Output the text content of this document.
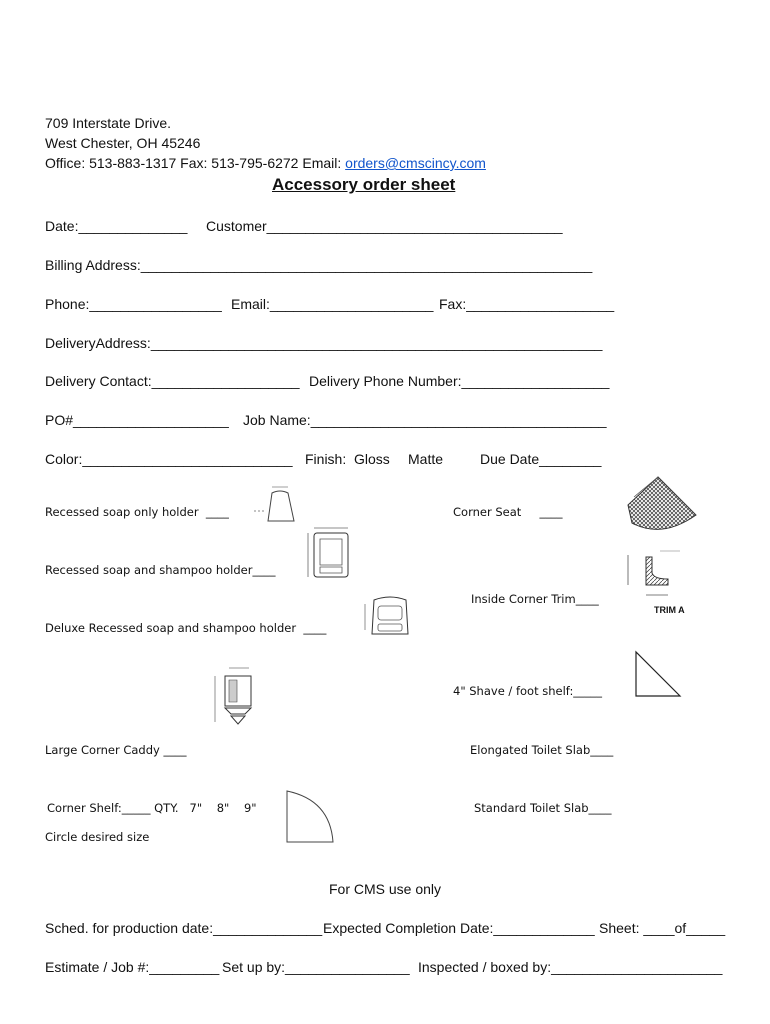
709 Interstate Drive.
West Chester, OH 45246
Office: 513-883-1317 Fax: 513-795-6272 Email: orders@cmscincy.com
Accessory order sheet
Date:______________ Customer______________________________________
Billing Address:__________________________________________________________
Phone:_________________ Email:_____________________ Fax:___________________
DeliveryAddress:__________________________________________________________
Delivery Contact:___________________ Delivery Phone Number:___________________
PO#____________________ Job Name:______________________________________
Color:___________________________ Finish:  Gloss Matte	Due Date________
Recessed soap only holder  ____	Corner Seat     ____
Recessed soap and shampoo holder____
Inside Corner Trim____
Deluxe Recessed soap and shampoo holder  ____
4" Shave / foot shelf:_____
Large Corner Caddy ____	Elongated Toilet Slab____
Corner Shelf:_____ QTY.   7"    8"    9"	Standard Toilet Slab____
Circle desired size
For CMS use only
Sched. for production date:______________ Expected Completion Date:_____________ Sheet: ____of_____
Estimate / Job #:_________ Set up by:________________ Inspected / boxed by:______________________
TRIM A
